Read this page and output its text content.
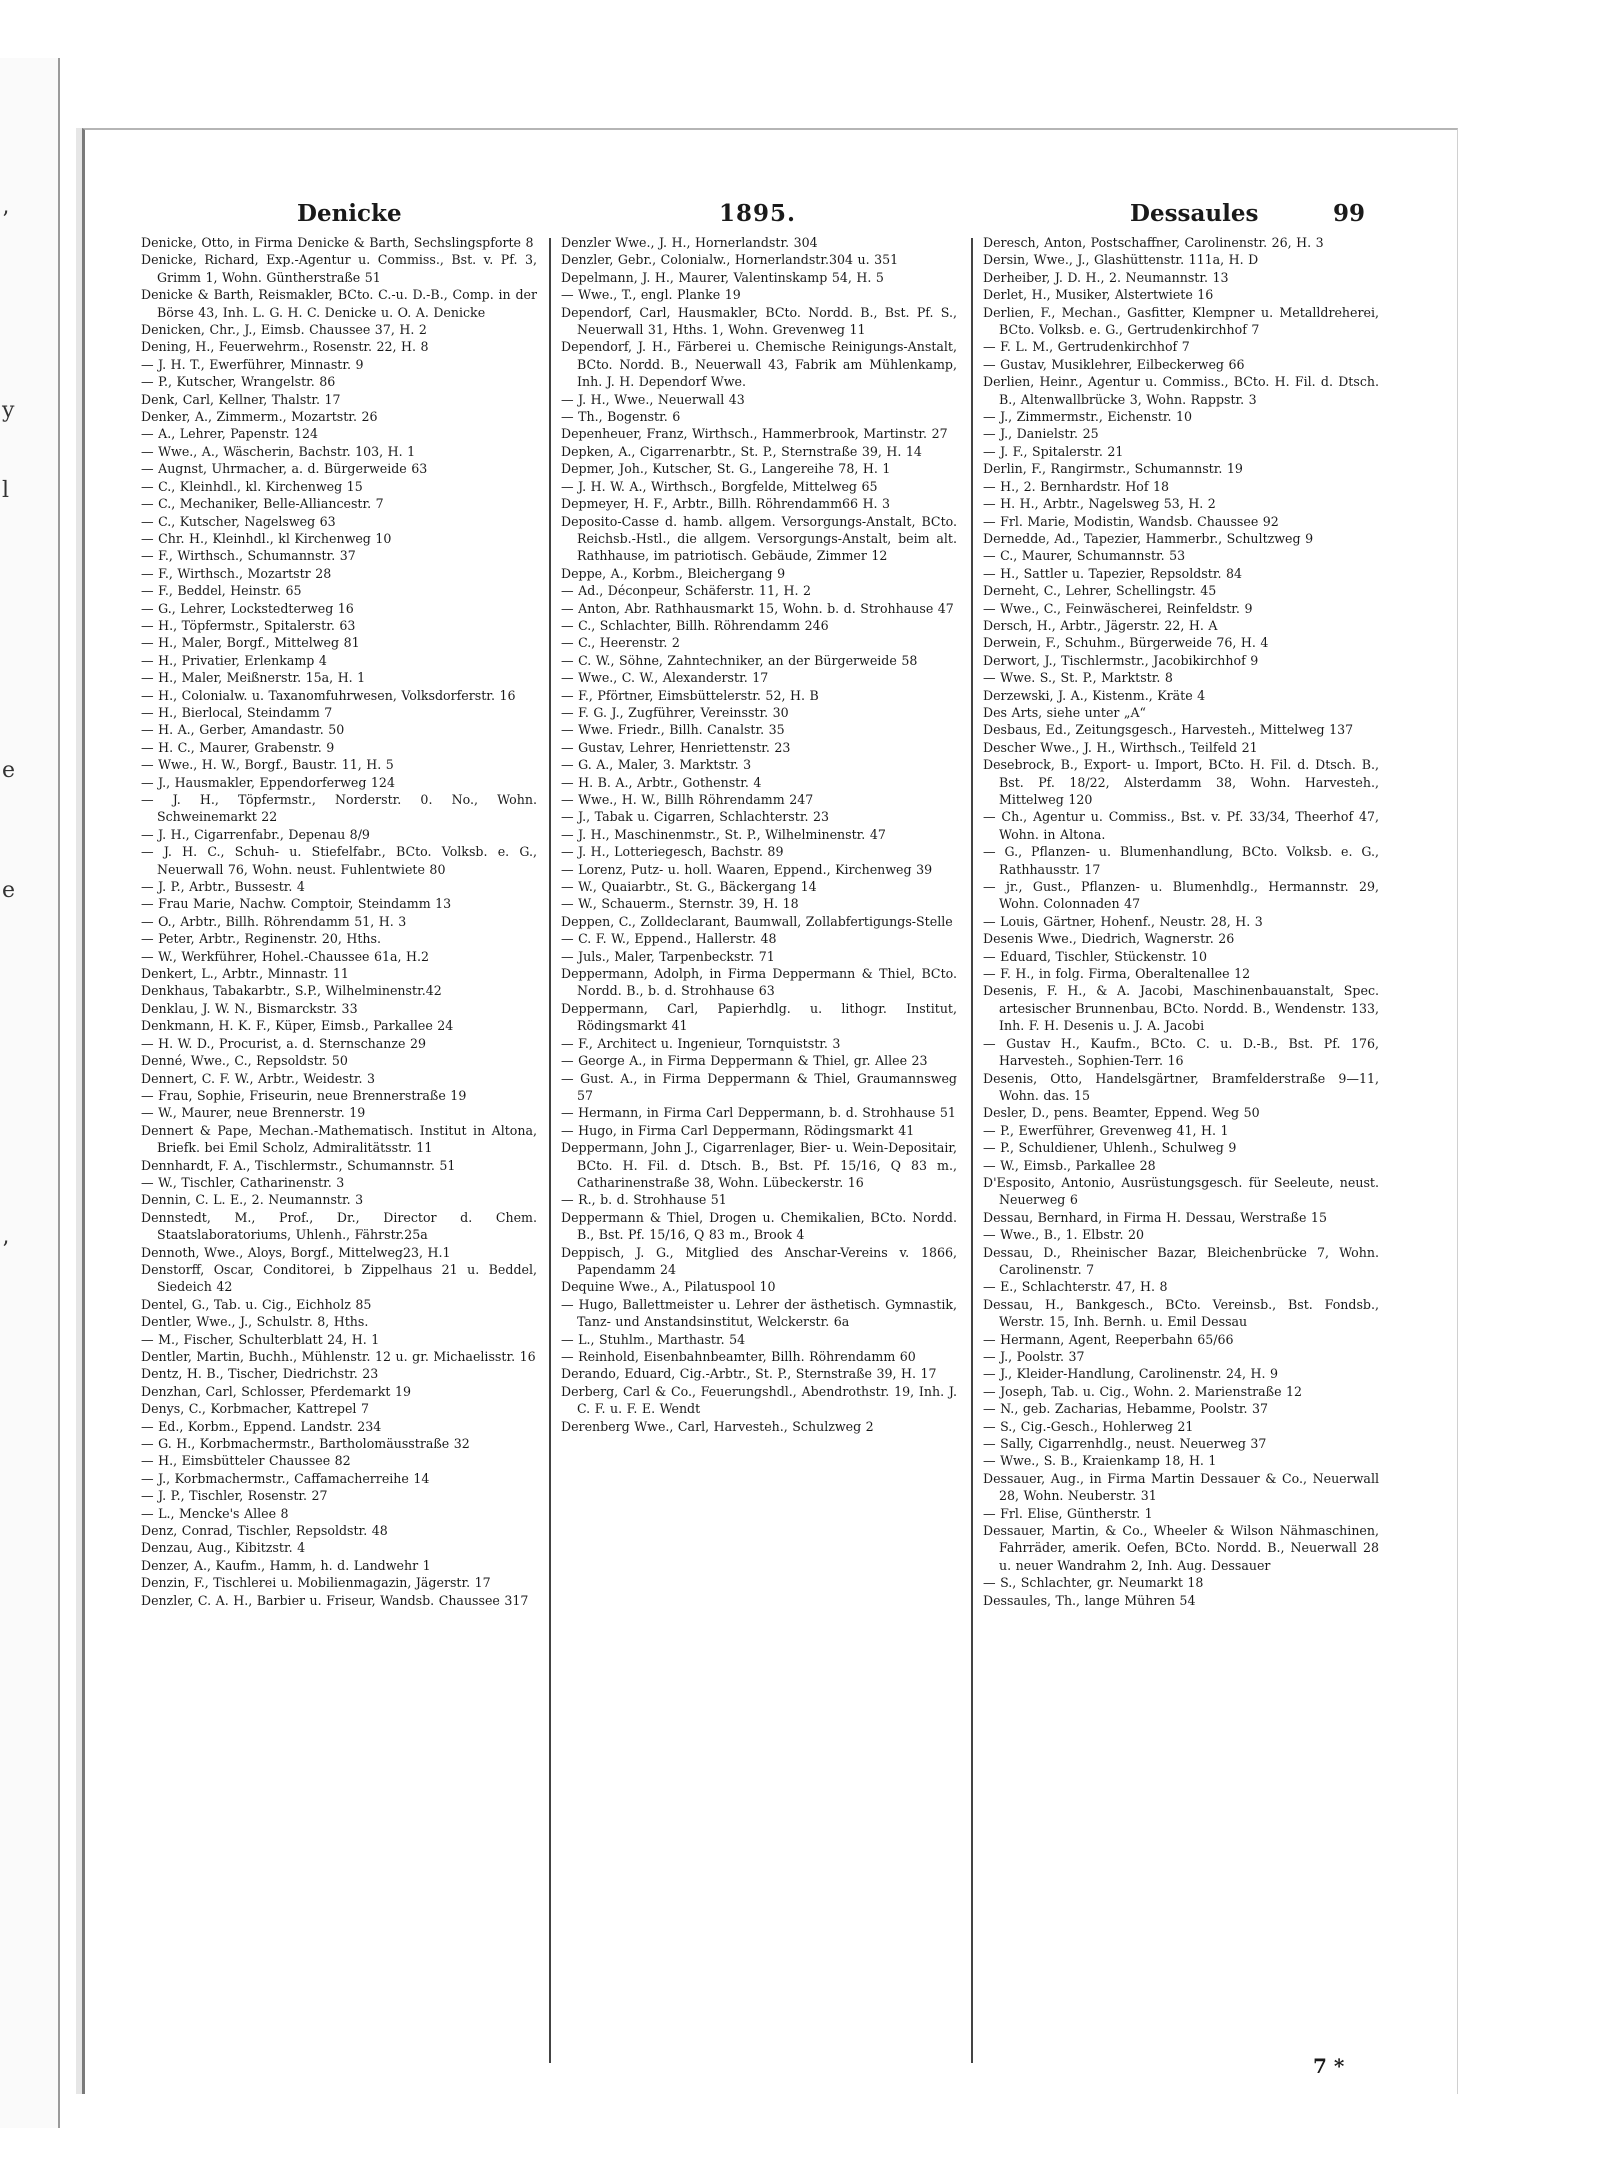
’
y
l
e
e
’
Denicke	1895.	Dessaules	99

Denicke, Otto, in Firma Denicke & Barth, Sechslingspforte 8

Denicke, Richard, Exp.-Agentur u. Commiss., Bst. v. Pf. 3, Grimm 1, Wohn. Güntherstraße 51

Denicke & Barth, Reismakler, BCto. C.-u. D.-B., Comp. in der Börse 43, Inh. L. G. H. C. Denicke u. O. A. Denicke

Denicken, Chr., J., Eimsb. Chaussee 37, H. 2

Dening, H., Feuerwehrm., Rosenstr. 22, H. 8

— J. H. T., Ewerführer, Minnastr. 9

— P., Kutscher, Wrangelstr. 86

Denk, Carl, Kellner, Thalstr. 17

Denker, A., Zimmerm., Mozartstr. 26

— A., Lehrer, Papenstr. 124

— Wwe., A., Wäscherin, Bachstr. 103, H. 1

— Augnst, Uhrmacher, a. d. Bürgerweide 63

— C., Kleinhdl., kl. Kirchenweg 15

— C., Mechaniker, Belle-Alliancestr. 7

— C., Kutscher, Nagelsweg 63

— Chr. H., Kleinhdl., kl Kirchenweg 10

— F., Wirthsch., Schumannstr. 37

— F., Wirthsch., Mozartstr 28

— F., Beddel, Heinstr. 65

— G., Lehrer, Lockstedterweg 16

— H., Töpfermstr., Spitalerstr. 63

— H., Maler, Borgf., Mittelweg 81

— H., Privatier, Erlenkamp 4

— H., Maler, Meißnerstr. 15a, H. 1

— H., Colonialw. u. Taxanomfuhrwesen, Volksdorferstr. 16

— H., Bierlocal, Steindamm 7

— H. A., Gerber, Amandastr. 50

— H. C., Maurer, Grabenstr. 9

— Wwe., H. W., Borgf., Baustr. 11, H. 5

— J., Hausmakler, Eppendorferweg 124

— J. H., Töpfermstr., Norderstr. 0. No., Wohn. Schweinemarkt 22

— J. H., Cigarrenfabr., Depenau 8/9

— J. H. C., Schuh- u. Stiefelfabr., BCto. Volksb. e. G., Neuerwall 76, Wohn. neust. Fuhlentwiete 80

— J. P., Arbtr., Bussestr. 4

— Frau Marie, Nachw. Comptoir, Steindamm 13

— O., Arbtr., Billh. Röhrendamm 51, H. 3

— Peter, Arbtr., Reginenstr. 20, Hths.

— W., Werkführer, Hohel.-Chaussee 61a, H.2

Denkert, L., Arbtr., Minnastr. 11

Denkhaus, Tabakarbtr., S.P., Wilhelminenstr.42

Denklau, J. W. N., Bismarckstr. 33

Denkmann, H. K. F., Küper, Eimsb., Parkallee 24

— H. W. D., Procurist, a. d. Sternschanze 29

Denné, Wwe., C., Repsoldstr. 50

Dennert, C. F. W., Arbtr., Weidestr. 3

— Frau, Sophie, Friseurin, neue Brennerstraße 19

— W., Maurer, neue Brennerstr. 19

Dennert & Pape, Mechan.-Mathematisch. Institut in Altona, Briefk. bei Emil Scholz, Admiralitätsstr. 11

Dennhardt, F. A., Tischlermstr., Schumannstr. 51

— W., Tischler, Catharinenstr. 3

Dennin, C. L. E., 2. Neumannstr. 3

Dennstedt, M., Prof., Dr., Director d. Chem. Staatslaboratoriums, Uhlenh., Fährstr.25a

Dennoth, Wwe., Aloys, Borgf., Mittelweg23, H.1

Denstorff, Oscar, Conditorei, b Zippelhaus 21 u. Beddel, Siedeich 42

Dentel, G., Tab. u. Cig., Eichholz 85

Dentler, Wwe., J., Schulstr. 8, Hths.

— M., Fischer, Schulterblatt 24, H. 1

Dentler, Martin, Buchh., Mühlenstr. 12 u. gr. Michaelisstr. 16

Dentz, H. B., Tischer, Diedrichstr. 23

Denzhan, Carl, Schlosser, Pferdemarkt 19

Denys, C., Korbmacher, Kattrepel 7

— Ed., Korbm., Eppend. Landstr. 234

— G. H., Korbmachermstr., Bartholomäusstraße 32

— H., Eimsbütteler Chaussee 82

— J., Korbmachermstr., Caffamacherreihe 14

— J. P., Tischler, Rosenstr. 27

— L., Mencke's Allee 8

Denz, Conrad, Tischler, Repsoldstr. 48

Denzau, Aug., Kibitzstr. 4

Denzer, A., Kaufm., Hamm, h. d. Landwehr 1

Denzin, F., Tischlerei u. Mobilienmagazin, Jägerstr. 17

Denzler, C. A. H., Barbier u. Friseur, Wandsb. Chaussee 317

Denzler Wwe., J. H., Hornerlandstr. 304

Denzler, Gebr., Colonialw., Hornerlandstr.304 u. 351

Depelmann, J. H., Maurer, Valentinskamp 54, H. 5

— Wwe., T., engl. Planke 19

Dependorf, Carl, Hausmakler, BCto. Nordd. B., Bst. Pf. S., Neuerwall 31, Hths. 1, Wohn. Grevenweg 11

Dependorf, J. H., Färberei u. Chemische Reinigungs-Anstalt, BCto. Nordd. B., Neuerwall 43, Fabrik am Mühlenkamp, Inh. J. H. Dependorf Wwe.

— J. H., Wwe., Neuerwall 43

— Th., Bogenstr. 6

Depenheuer, Franz, Wirthsch., Hammerbrook, Martinstr. 27

Depken, A., Cigarrenarbtr., St. P., Sternstraße 39, H. 14

Depmer, Joh., Kutscher, St. G., Langereihe 78, H. 1

— J. H. W. A., Wirthsch., Borgfelde, Mittelweg 65

Depmeyer, H. F., Arbtr., Billh. Röhrendamm66 H. 3

Deposito-Casse d. hamb. allgem. Versorgungs-Anstalt, BCto. Reichsb.-Hstl., die allgem. Versorgungs-Anstalt, beim alt. Rathhause, im patriotisch. Gebäude, Zimmer 12

Deppe, A., Korbm., Bleichergang 9

— Ad., Déconpeur, Schäferstr. 11, H. 2

— Anton, Abr. Rathhausmarkt 15, Wohn. b. d. Strohhause 47

— C., Schlachter, Billh. Röhrendamm 246

— C., Heerenstr. 2

— C. W., Söhne, Zahntechniker, an der Bürgerweide 58

— Wwe., C. W., Alexanderstr. 17

— F., Pförtner, Eimsbüttelerstr. 52, H. B

— F. G. J., Zugführer, Vereinsstr. 30

— Wwe. Friedr., Billh. Canalstr. 35

— Gustav, Lehrer, Henriettenstr. 23

— G. A., Maler, 3. Marktstr. 3

— H. B. A., Arbtr., Gothenstr. 4

— Wwe., H. W., Billh Röhrendamm 247

— J., Tabak u. Cigarren, Schlachterstr. 23

— J. H., Maschinenmstr., St. P., Wilhelminenstr. 47

— J. H., Lotteriegesch, Bachstr. 89

— Lorenz, Putz- u. holl. Waaren, Eppend., Kirchenweg 39

— W., Quaiarbtr., St. G., Bäckergang 14

— W., Schauerm., Sternstr. 39, H. 18

Deppen, C., Zolldeclarant, Baumwall, Zollabfertigungs-Stelle

— C. F. W., Eppend., Hallerstr. 48

— Juls., Maler, Tarpenbeckstr. 71

Deppermann, Adolph, in Firma Deppermann & Thiel, BCto. Nordd. B., b. d. Strohhause 63

Deppermann, Carl, Papierhdlg. u. lithogr. Institut, Rödingsmarkt 41

— F., Architect u. Ingenieur, Tornquiststr. 3

— George A., in Firma Deppermann & Thiel, gr. Allee 23

— Gust. A., in Firma Deppermann & Thiel, Graumannsweg 57

— Hermann, in Firma Carl Deppermann, b. d. Strohhause 51

— Hugo, in Firma Carl Deppermann, Rödingsmarkt 41

Deppermann, John J., Cigarrenlager, Bier- u. Wein-Depositair, BCto. H. Fil. d. Dtsch. B., Bst. Pf. 15/16, Q 83 m., Catharinenstraße 38, Wohn. Lübeckerstr. 16

— R., b. d. Strohhause 51

Deppermann & Thiel, Drogen u. Chemikalien, BCto. Nordd. B., Bst. Pf. 15/16, Q 83 m., Brook 4

Deppisch, J. G., Mitglied des Anschar-Vereins v. 1866, Papendamm 24

Dequine Wwe., A., Pilatuspool 10

— Hugo, Ballettmeister u. Lehrer der ästhetisch. Gymnastik, Tanz- und Anstandsinstitut, Welckerstr. 6a

— L., Stuhlm., Marthastr. 54

— Reinhold, Eisenbahnbeamter, Billh. Röhrendamm 60

Derando, Eduard, Cig.-Arbtr., St. P., Sternstraße 39, H. 17

Derberg, Carl & Co., Feuerungshdl., Abendrothstr. 19, Inh. J. C. F. u. F. E. Wendt

Derenberg Wwe., Carl, Harvesteh., Schulzweg 2

Deresch, Anton, Postschaffner, Carolinenstr. 26, H. 3

Dersin, Wwe., J., Glashüttenstr. 111a, H. D

Derheiber, J. D. H., 2. Neumannstr. 13

Derlet, H., Musiker, Alstertwiete 16

Derlien, F., Mechan., Gasfitter, Klempner u. Metalldreherei, BCto. Volksb. e. G., Gertrudenkirchhof 7

— F. L. M., Gertrudenkirchhof 7

— Gustav, Musiklehrer, Eilbeckerweg 66

Derlien, Heinr., Agentur u. Commiss., BCto. H. Fil. d. Dtsch. B., Altenwallbrücke 3, Wohn. Rappstr. 3

— J., Zimmermstr., Eichenstr. 10

— J., Danielstr. 25

— J. F., Spitalerstr. 21

Derlin, F., Rangirmstr., Schumannstr. 19

— H., 2. Bernhardstr. Hof 18

— H. H., Arbtr., Nagelsweg 53, H. 2

— Frl. Marie, Modistin, Wandsb. Chaussee 92

Dernedde, Ad., Tapezier, Hammerbr., Schultzweg 9

— C., Maurer, Schumannstr. 53

— H., Sattler u. Tapezier, Repsoldstr. 84

Derneht, C., Lehrer, Schellingstr. 45

— Wwe., C., Feinwäscherei, Reinfeldstr. 9

Dersch, H., Arbtr., Jägerstr. 22, H. A

Derwein, F., Schuhm., Bürgerweide 76, H. 4

Derwort, J., Tischlermstr., Jacobikirchhof 9

— Wwe. S., St. P., Marktstr. 8

Derzewski, J. A., Kistenm., Kräte 4

Des Arts, siehe unter „A“

Desbaus, Ed., Zeitungsgesch., Harvesteh., Mittelweg 137

Descher Wwe., J. H., Wirthsch., Teilfeld 21

Desebrock, B., Export- u. Import, BCto. H. Fil. d. Dtsch. B., Bst. Pf. 18/22, Alsterdamm 38, Wohn. Harvesteh., Mittelweg 120

— Ch., Agentur u. Commiss., Bst. v. Pf. 33/34, Theerhof 47, Wohn. in Altona.

— G., Pflanzen- u. Blumenhandlung, BCto. Volksb. e. G., Rathhausstr. 17

— jr., Gust., Pflanzen- u. Blumenhdlg., Hermannstr. 29, Wohn. Colonnaden 47

— Louis, Gärtner, Hohenf., Neustr. 28, H. 3

Desenis Wwe., Diedrich, Wagnerstr. 26

— Eduard, Tischler, Stückenstr. 10

— F. H., in folg. Firma, Oberaltenallee 12

Desenis, F. H., & A. Jacobi, Maschinenbauanstalt, Spec. artesischer Brunnenbau, BCto. Nordd. B., Wendenstr. 133, Inh. F. H. Desenis u. J. A. Jacobi

— Gustav H., Kaufm., BCto. C. u. D.-B., Bst. Pf. 176, Harvesteh., Sophien-Terr. 16

Desenis, Otto, Handelsgärtner, Bramfelderstraße 9—11, Wohn. das. 15

Desler, D., pens. Beamter, Eppend. Weg 50

— P., Ewerführer, Grevenweg 41, H. 1

— P., Schuldiener, Uhlenh., Schulweg 9

— W., Eimsb., Parkallee 28

D'Esposito, Antonio, Ausrüstungsgesch. für Seeleute, neust. Neuerweg 6

Dessau, Bernhard, in Firma H. Dessau, Werstraße 15

— Wwe., B., 1. Elbstr. 20

Dessau, D., Rheinischer Bazar, Bleichenbrücke 7, Wohn. Carolinenstr. 7

— E., Schlachterstr. 47, H. 8

Dessau, H., Bankgesch., BCto. Vereinsb., Bst. Fondsb., Werstr. 15, Inh. Bernh. u. Emil Dessau

— Hermann, Agent, Reeperbahn 65/66

— J., Poolstr. 37

— J., Kleider-Handlung, Carolinenstr. 24, H. 9

— Joseph, Tab. u. Cig., Wohn. 2. Marienstraße 12

— N., geb. Zacharias, Hebamme, Poolstr. 37

— S., Cig.-Gesch., Hohlerweg 21

— Sally, Cigarrenhdlg., neust. Neuerweg 37

— Wwe., S. B., Kraienkamp 18, H. 1

Dessauer, Aug., in Firma Martin Dessauer & Co., Neuerwall 28, Wohn. Neuberstr. 31

— Frl. Elise, Güntherstr. 1

Dessauer, Martin, & Co., Wheeler & Wilson Nähmaschinen, Fahrräder, amerik. Oefen, BCto. Nordd. B., Neuerwall 28 u. neuer Wandrahm 2, Inh. Aug. Dessauer

— S., Schlachter, gr. Neumarkt 18

Dessaules, Th., lange Mühren 54

7 *
